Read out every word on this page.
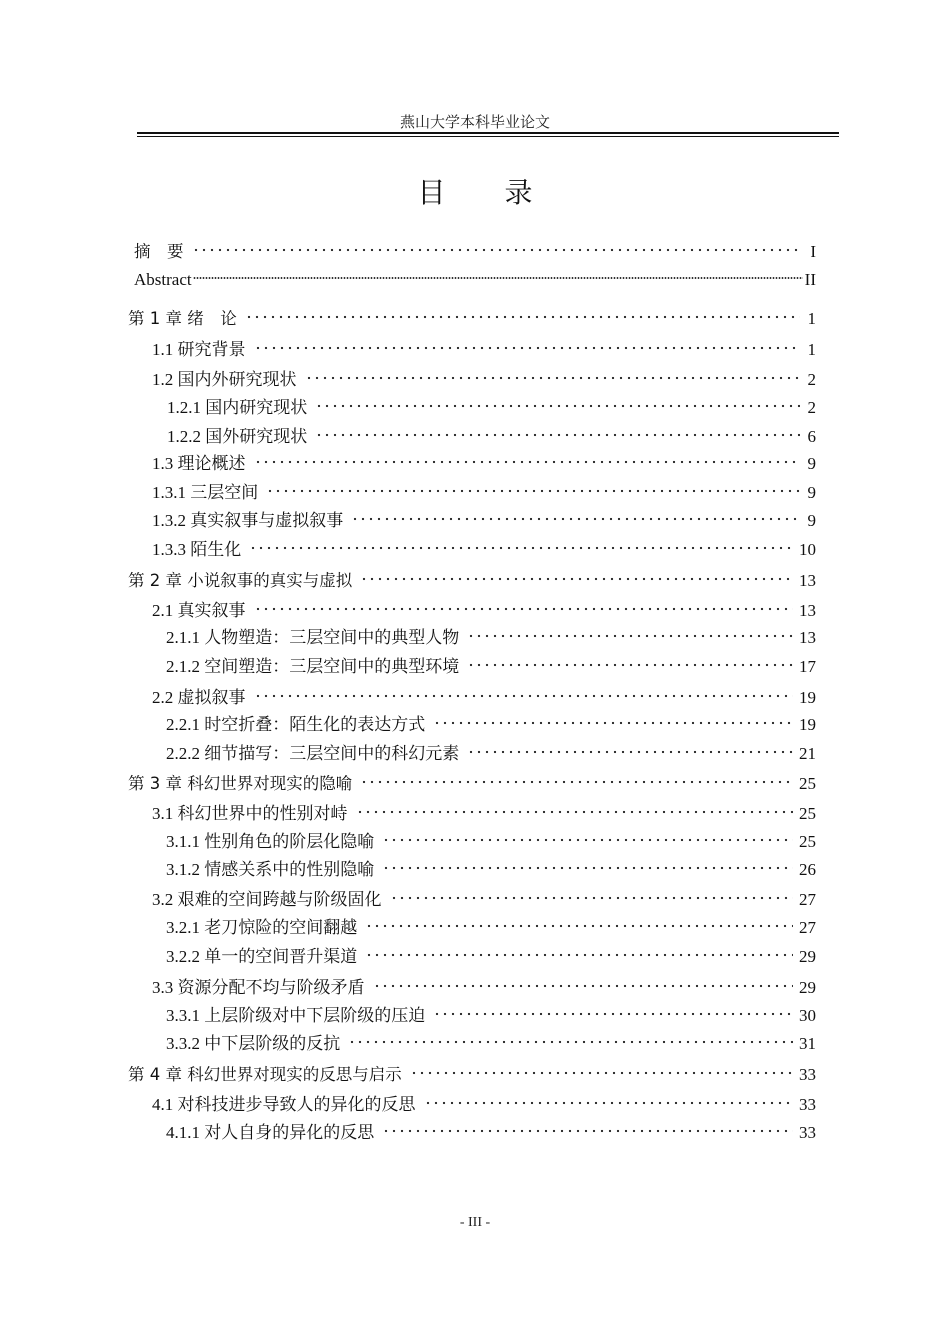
燕山大学本科毕业论文
目 录
摘　要	I
Abstract	II
第 1 章 绪　论	1
1.1 研究背景	1
1.2 国内外研究现状	2
1.2.1 国内研究现状	2
1.2.2 国外研究现状	6
1.3 理论概述	9
1.3.1 三层空间	9
1.3.2 真实叙事与虚拟叙事	9
1.3.3 陌生化	10
第 2 章 小说叙事的真实与虚拟	13
2.1 真实叙事	13
2.1.1 人物塑造：三层空间中的典型人物	13
2.1.2 空间塑造：三层空间中的典型环境	17
2.2 虚拟叙事	19
2.2.1 时空折叠：陌生化的表达方式	19
2.2.2 细节描写：三层空间中的科幻元素	21
第 3 章 科幻世界对现实的隐喻	25
3.1 科幻世界中的性别对峙	25
3.1.1 性别角色的阶层化隐喻	25
3.1.2 情感关系中的性别隐喻	26
3.2 艰难的空间跨越与阶级固化	27
3.2.1 老刀惊险的空间翻越	27
3.2.2 单一的空间晋升渠道	29
3.3 资源分配不均与阶级矛盾	29
3.3.1 上层阶级对中下层阶级的压迫	30
3.3.2 中下层阶级的反抗	31
第 4 章 科幻世界对现实的反思与启示	33
4.1 对科技进步导致人的异化的反思	33
4.1.1 对人自身的异化的反思	33
- III -
